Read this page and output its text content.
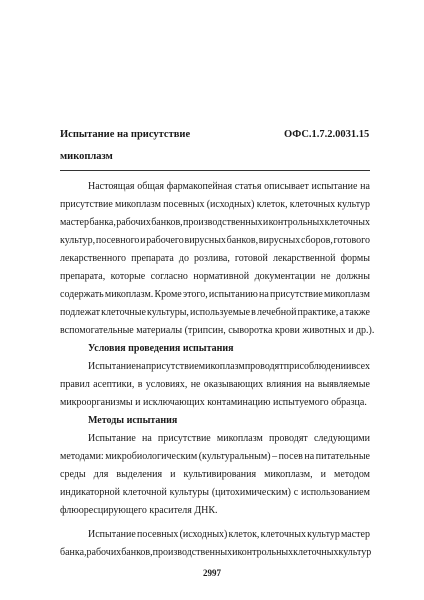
Испытание на присутствие
микоплазм
ОФС.1.7.2.0031.15
Настоящая общая фармакопейная статья описывает испытание на
присутствие микоплазм посевных (исходных) клеток, клеточных культур
мастер банка, рабочих банков, производственных и контрольных клеточных
культур, посевного и рабочего вирусных банков, вирусных сборов, готового
лекарственного препарата до розлива, готовой лекарственной формы
препарата, которые согласно нормативной документации не должны
содержать микоплазм. Кроме этого, испытанию на присутствие микоплазм
подлежат клеточные культуры, используемые в лечебной практике, а также
вспомогательные материалы (трипсин, сыворотка крови животных и др.).
Условия проведения испытания
Испытание на присутствие микоплазм проводят при соблюдении всех
правил асептики, в условиях, не оказывающих влияния на выявляемые
микроорганизмы и исключающих контаминацию испытуемого образца.
Методы испытания
Испытание на присутствие микоплазм проводят следующими
методами: микробиологическим (культуральным) – посев на питательные
среды для выделения и культивирования микоплазм, и методом
индикаторной клеточной культуры (цитохимическим) с использованием
флюоресцирующего красителя ДНК.
Испытание посевных (исходных) клеток, клеточных культур мастер
банка, рабочих банков, производственных и контрольных клеточных культур
2997
